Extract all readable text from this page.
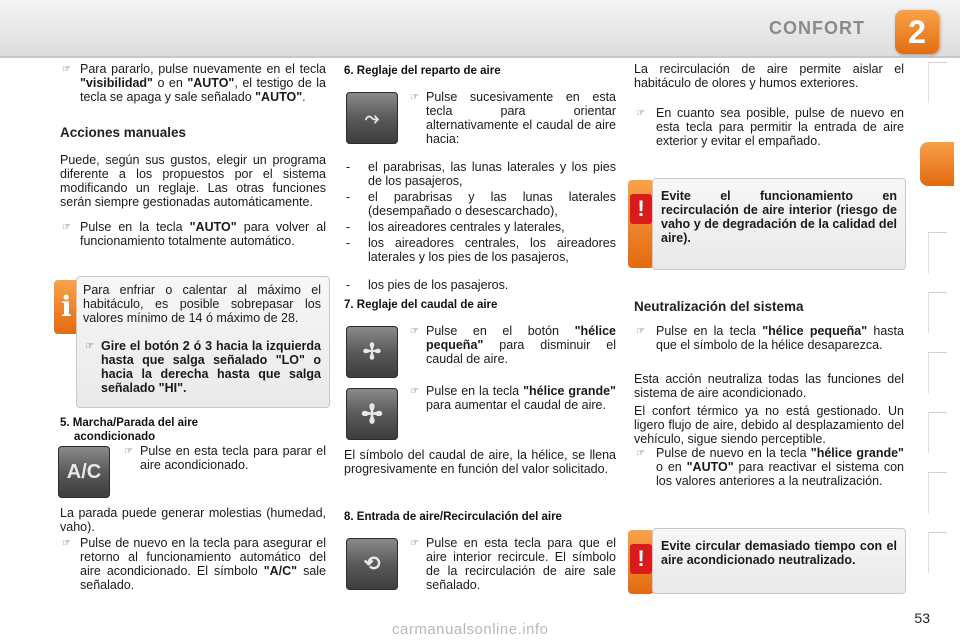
CONFORT	2
☞ Para pararlo, pulse nuevamente en el tecla "visibilidad" o en "AUTO", el testigo de la tecla se apaga y sale señalado "AUTO".
Acciones manuales
Puede, según sus gustos, elegir un programa diferente a los propuestos por el sistema modificando un reglaje. Las otras funciones serán siempre gestionadas automáticamente.
☞ Pulse en la tecla "AUTO" para volver al funcionamiento totalmente automático.
i Para enfriar o calentar al máximo el habitáculo, es posible sobrepasar los valores mínimo de 14 ó máximo de 28.
☞ Gire el botón 2 ó 3 hacia la izquierda hasta que salga señalado "LO" o hacia la derecha hasta que salga señalado "HI".
5. Marcha/Parada del aire
acondicionado
A/C
☞ Pulse en esta tecla para parar el aire acondicionado.
La parada puede generar molestias (humedad, vaho).
☞ Pulse de nuevo en la tecla para asegurar el retorno al funcionamiento automático del aire acondicionado. El símbolo "A/C" sale señalado.
6. Reglaje del reparto de aire
⤳
☞ Pulse sucesivamente en esta tecla para orientar alternativamente el caudal de aire hacia:
- el parabrisas, las lunas laterales y los pies de los pasajeros,
- el parabrisas y las lunas laterales (desempañado o desescarchado),
- los aireadores centrales y laterales,
- los aireadores centrales, los aireadores laterales y los pies de los pasajeros,
- los pies de los pasajeros.
7. Reglaje del caudal de aire
✢
☞ Pulse en el botón "hélice pequeña" para disminuir el caudal de aire.
✢
☞ Pulse en la tecla "hélice grande" para aumentar el caudal de aire.
El símbolo del caudal de aire, la hélice, se llena progresivamente en función del valor solicitado.
8. Entrada de aire/Recirculación del aire
⟲
☞ Pulse en esta tecla para que el aire interior recircule. El símbolo de la recirculación de aire sale señalado.
La recirculación de aire permite aislar el habitáculo de olores y humos exteriores.
☞ En cuanto sea posible, pulse de nuevo en esta tecla para permitir la entrada de aire exterior y evitar el empañado.
!	Evite el funcionamiento en recirculación de aire interior (riesgo de vaho y de degradación de la calidad del aire).
Neutralización del sistema
☞ Pulse en la tecla "hélice pequeña" hasta que el símbolo de la hélice desaparezca.
Esta acción neutraliza todas las funciones del sistema de aire acondicionado.
El confort térmico ya no está gestionado. Un ligero flujo de aire, debido al desplazamiento del vehículo, sigue siendo perceptible.
☞ Pulse de nuevo en la tecla "hélice grande" o en "AUTO" para reactivar el sistema con los valores anteriores a la neutralización.
!	Evite circular demasiado tiempo con el aire acondicionado neutralizado.
53
carmanualsonline.info
